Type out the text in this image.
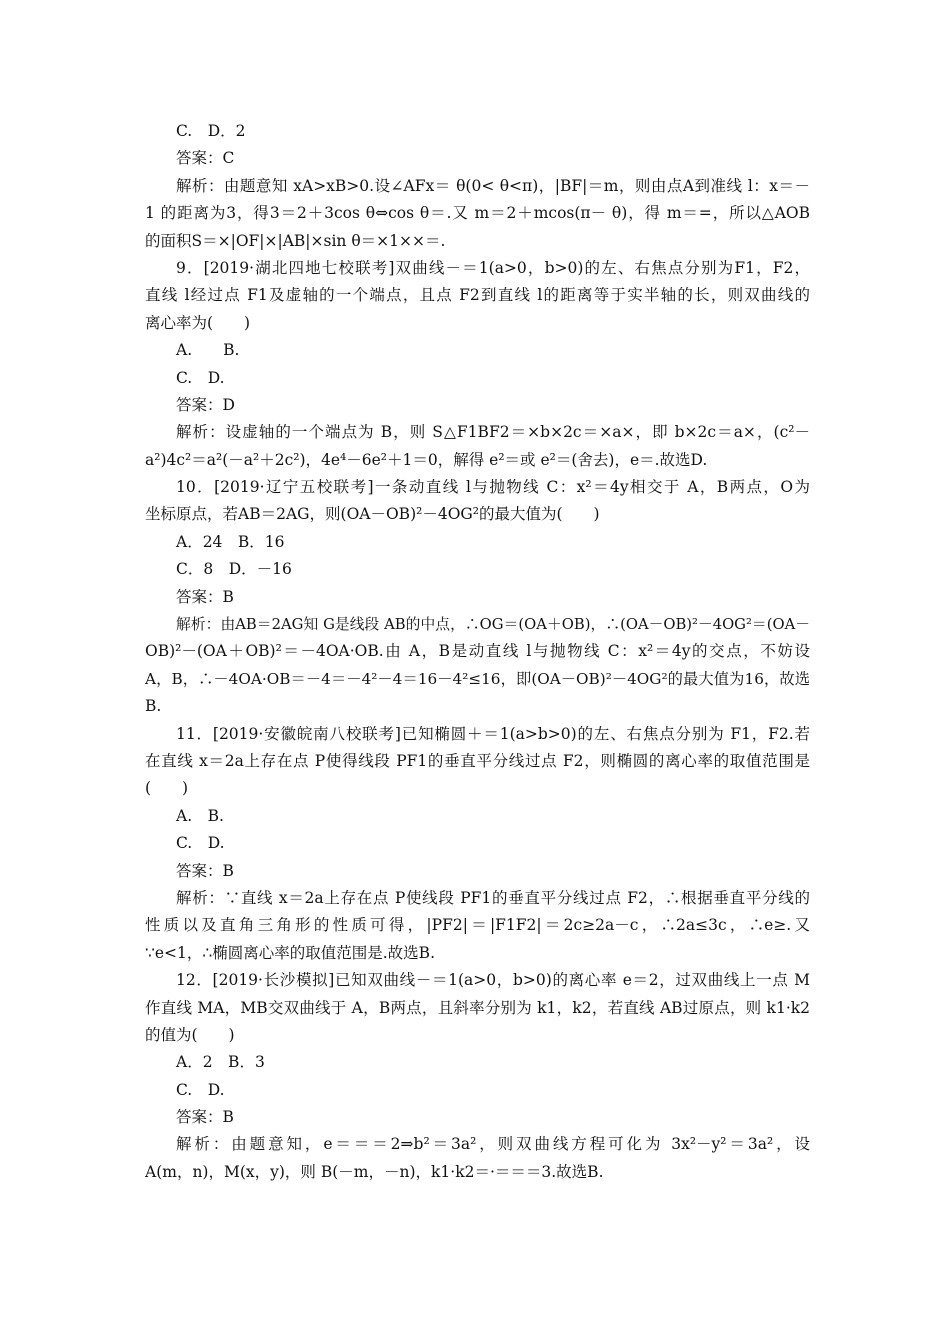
C.　D．2
答案：C
解析：由题意知 xA>xB>0.设∠AFx＝ θ(0< θ<π)，|BF|＝m，则由点A到准线 l：x＝－
1 的距离为3，得3＝2＋3cos θ⇔cos θ＝.又 m＝2＋mcos(π－ θ)，得 m＝=，所以△AOB
的面积S＝×|OF|×|AB|×sin θ＝×1××＝.
9．[2019·湖北四地七校联考]双曲线－＝1(a>0，b>0)的左、右焦点分别为F1，F2，
直线 l经过点 F1及虚轴的一个端点，且点 F2到直线 l的距离等于实半轴的长，则双曲线的
离心率为(　　)
A.　　B.
C.　D.
答案：D
解析：设虚轴的一个端点为 B，则 S△F1BF2＝×b×2c＝×a×，即 b×2c＝a×，(c²－
a²)4c²＝a²(－a²＋2c²)，4e⁴－6e²＋1＝0，解得 e²＝或 e²＝(舍去)，e＝.故选D.
10．[2019·辽宁五校联考]一条动直线 l与抛物线 C：x²＝4y相交于 A，B两点，O为
坐标原点，若AB＝2AG，则(OA－OB)²－4OG²的最大值为(　　)
A．24　B．16
C．8　D．－16
答案：B
解析：由AB＝2AG知 G是线段 AB的中点，∴OG＝(OA＋OB)，∴(OA－OB)²－4OG²＝(OA－
OB)²－(OA＋OB)²＝－4OA·OB.由 A，B是动直线 l与抛物线 C：x²＝4y的交点，不妨设
A，B，∴－4OA·OB＝－4＝－4²－4＝16－4²≤16，即(OA－OB)²－4OG²的最大值为16，故选
B.
11．[2019·安徽皖南八校联考]已知椭圆＋＝1(a>b>0)的左、右焦点分别为 F1，F2.若
在直线 x＝2a上存在点 P使得线段 PF1的垂直平分线过点 F2，则椭圆的离心率的取值范围是
(　　)
A.　B.
C.　D.
答案：B
解析：∵直线 x＝2a上存在点 P使线段 PF1的垂直平分线过点 F2，∴根据垂直平分线的
性质以及直角三角形的性质可得，|PF2|＝|F1F2|＝2c≥2a－c，∴2a≤3c，∴e≥.又
∵e<1，∴椭圆离心率的取值范围是.故选B.
12．[2019·长沙模拟]已知双曲线－＝1(a>0，b>0)的离心率 e＝2，过双曲线上一点 M
作直线 MA，MB交双曲线于 A，B两点，且斜率分别为 k1，k2，若直线 AB过原点，则 k1·k2
的值为(　　)
A．2　B．3
C.　D.
答案：B
解析：由题意知，e＝＝＝2⇒b²＝3a²，则双曲线方程可化为 3x²－y²＝3a²，设
A(m，n)，M(x，y)，则 B(－m，－n)，k1·k2＝·＝＝＝3.故选B.
